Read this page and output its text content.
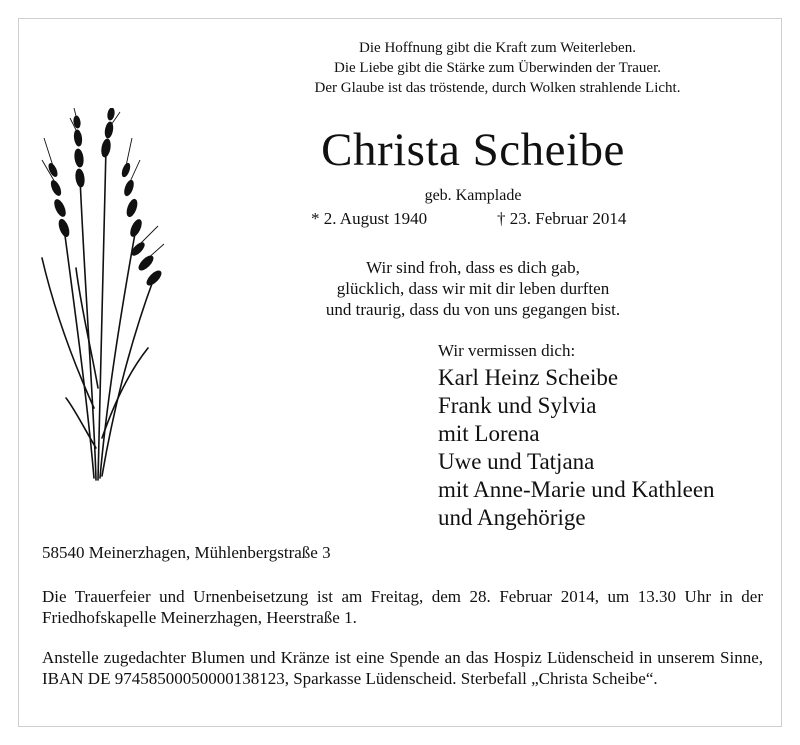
Die Hoffnung gibt die Kraft zum Weiterleben.
Die Liebe gibt die Stärke zum Überwinden der Trauer.
Der Glaube ist das tröstende, durch Wolken strahlende Licht.
Christa Scheibe
geb. Kamplade
* 2. August 1940	† 23. Februar 2014
Wir sind froh, dass es dich gab,
glücklich, dass wir mit dir leben durften
und traurig, dass du von uns gegangen bist.
Wir vermissen dich:
Karl Heinz Scheibe
Frank und Sylvia
mit Lorena
Uwe und Tatjana
mit Anne-Marie und Kathleen
und Angehörige
58540 Meinerzhagen, Mühlenbergstraße 3
Die Trauerfeier und Urnenbeisetzung ist am Freitag, dem 28. Februar 2014, um 13.30 Uhr in der Friedhofskapelle Meinerzhagen, Heerstraße 1.
Anstelle zugedachter Blumen und Kränze ist eine Spende an das Hospiz Lüdenscheid in unserem Sinne, IBAN DE 97458500050000138123, Sparkasse Lüdenscheid. Sterbefall „Christa Scheibe“.
